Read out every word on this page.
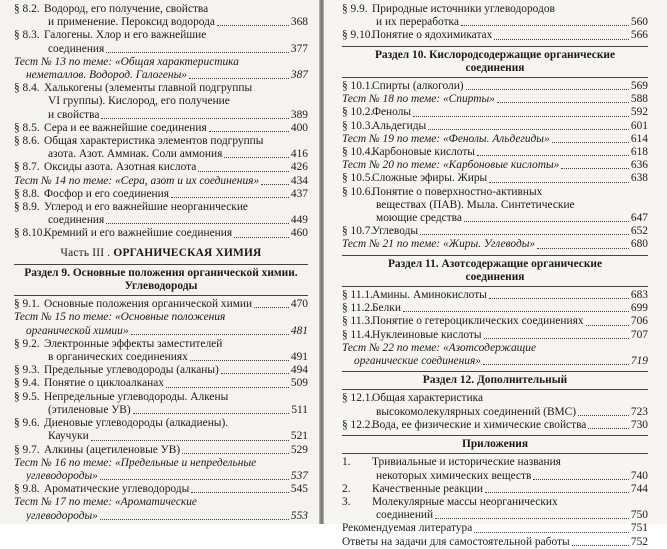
§ 8.2. Водород, его получение, свойства
и применение. Пероксид водорода	368
§ 8.3. Галогены. Хлор и его важнейшие
соединения	377
Тест № 13 по теме: «Общая характеристика
неметаллов. Водород. Галогены»	387
§ 8.4. Халькогены (элементы главной подгруппы
VI группы). Кислород, его получение
и свойства	389
§ 8.5. Сера и ее важнейшие соединения	400
§ 8.6. Общая характеристика элементов подгруппы
азота. Азот. Аммиак. Соли аммония	416
§ 8.7. Оксиды азота. Азотная кислота	426
Тест № 14 по теме: «Сера, азот и их соединения»	434
§ 8.8. Фосфор и его соединения	437
§ 8.9. Углерод и его важнейшие неорганические
соединения	449
§ 8.10.Кремний и его важнейшие соединения	460
Часть III . ОРГАНИЧЕСКАЯ ХИМИЯ
Раздел 9. Основные положения органической химии.
Углеводороды
§ 9.1. Основные положения органической химии	470
Тест № 15 по теме: «Основные положения
органической химии»	481
§ 9.2. Электронные эффекты заместителей
в органических соединениях	491
§ 9.3. Предельные углеводороды (алканы)	494
§ 9.4. Понятие о циклоалканах	509
§ 9.5. Непредельные углеводороды. Алкены
(этиленовые УВ)	511
§ 9.6. Диеновые углеводороды (алкадиены).
Каучуки	521
§ 9.7. Алкины (ацетиленовые УВ)	529
Тест № 16 по теме: «Предельные и непредельные
углеводороды»	537
§ 9.8. Ароматические углеводороды	545
Тест № 17 по теме: «Ароматические
углеводороды»	553
§ 9.9. Природные источники углеводородов
и их переработка	560
§ 9.10.Понятие о ядохимикатах	566
Раздел 10. Кислородсодержащие органические
соединения
§ 10.1.Спирты (алкоголи)	569
Тест № 18 по теме: «Спирты»	588
§ 10.2.Фенолы	592
§ 10.3.Альдегиды	601
Тест № 19 по теме: «Фенолы. Альдегиды»	614
§ 10.4.Карбоновые кислоты	618
Тест № 20 по теме: «Карбоновые кислоты»	636
§ 10.5.Сложные эфиры. Жиры	638
§ 10.6.Понятие о поверхностно-активных
веществах (ПАВ). Мыла. Синтетические
моющие средства	647
§ 10.7.Углеводы	652
Тест № 21 по теме: «Жиры. Углеводы»	680
Раздел 11. Азотсодержащие органические
соединения
§ 11.1.Амины. Аминокислоты	683
§ 11.2.Белки	699
§ 11.3.Понятие о гетероциклических соединениях	706
§ 11.4.Нуклеиновые кислоты	707
Тест № 22 по теме: «Азотсодержащие
органические соединения»	719
Раздел 12. Дополнительный
§ 12.1.Общая характеристика
высокомолекулярных соединений (ВМС)	723
§ 12.2.Вода, ее физические и химические свойства	730
Приложения
1. Тривиальные и исторические названия
некоторых химических веществ	740
2. Качественные реакции	744
3. Молекулярные массы неорганических
соединений	750
Рекомендуемая литература	751
Ответы на задачи для самостоятельной работы	752
